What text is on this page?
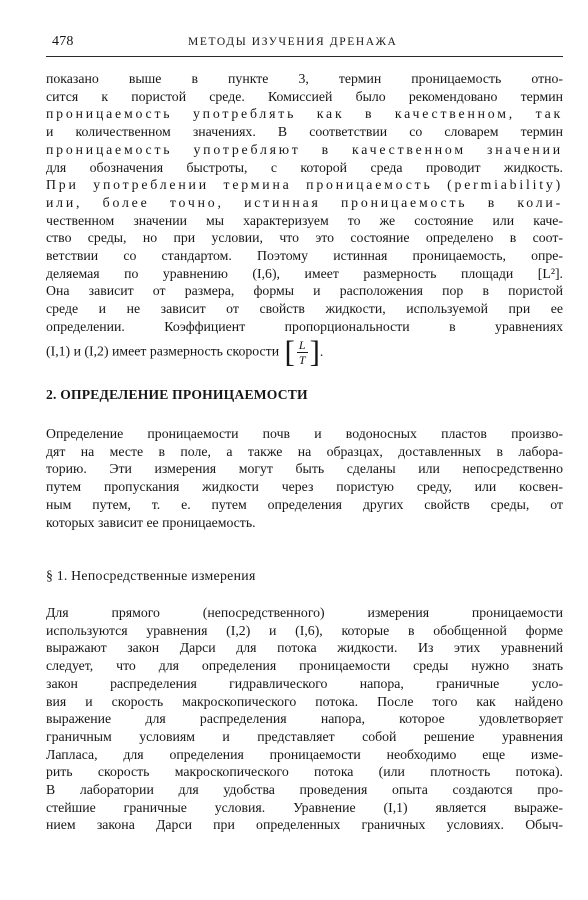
478	МЕТОДЫ ИЗУЧЕНИЯ ДРЕНАЖА
показано выше в пункте 3, термин проницаемость отно-
сится к пористой среде. Комиссией было рекомендовано термин
проницаемость употреблять как в качественном, так
и количественном значениях. В соответствии со словарем термин
проницаемость употребляют в качественном значении
для обозначения быстроты, с которой среда проводит жидкость.
При употреблении термина проницаемость (permiability)
или, более точно, истинная проницаемость в коли-
чественном значении мы характеризуем то же состояние или каче-
ство среды, но при условии, что это состояние определено в соот-
ветствии со стандартом. Поэтому истинная проницаемость, опре-
деляемая по уравнению (I,6), имеет размерность площади [L²].
Она зависит от размера, формы и расположения пор в пористой
среде и не зависит от свойств жидкости, используемой при ее
определении. Коэффициент пропорциональности в уравнениях
(I,1) и (I,2) имеет размерность скорости [ $\frac{L}{T}$ ] .
2. ОПРЕДЕЛЕНИЕ ПРОНИЦАЕМОСТИ
Определение проницаемости почв и водоносных пластов произво-
дят на месте в поле, а также на образцах, доставленных в лабора-
торию. Эти измерения могут быть сделаны или непосредственно
путем пропускания жидкости через пористую среду, или косвен-
ным путем, т. е. путем определения других свойств среды, от
которых зависит ее проницаемость.
§ 1. Непосредственные измерения
Для прямого (непосредственного) измерения проницаемости
используются уравнения (I,2) и (I,6), которые в обобщенной форме
выражают закон Дарси для потока жидкости. Из этих уравнений
следует, что для определения проницаемости среды нужно знать
закон распределения гидравлического напора, граничные усло-
вия и скорость макроскопического потока. После того как найдено
выражение для распределения напора, которое удовлетворяет
граничным условиям и представляет собой решение уравнения
Лапласа, для определения проницаемости необходимо еще изме-
рить скорость макроскопического потока (или плотность потока).
В лаборатории для удобства проведения опыта создаются про-
стейшие граничные условия. Уравнение (I,1) является выраже-
нием закона Дарси при определенных граничных условиях. Обыч-
